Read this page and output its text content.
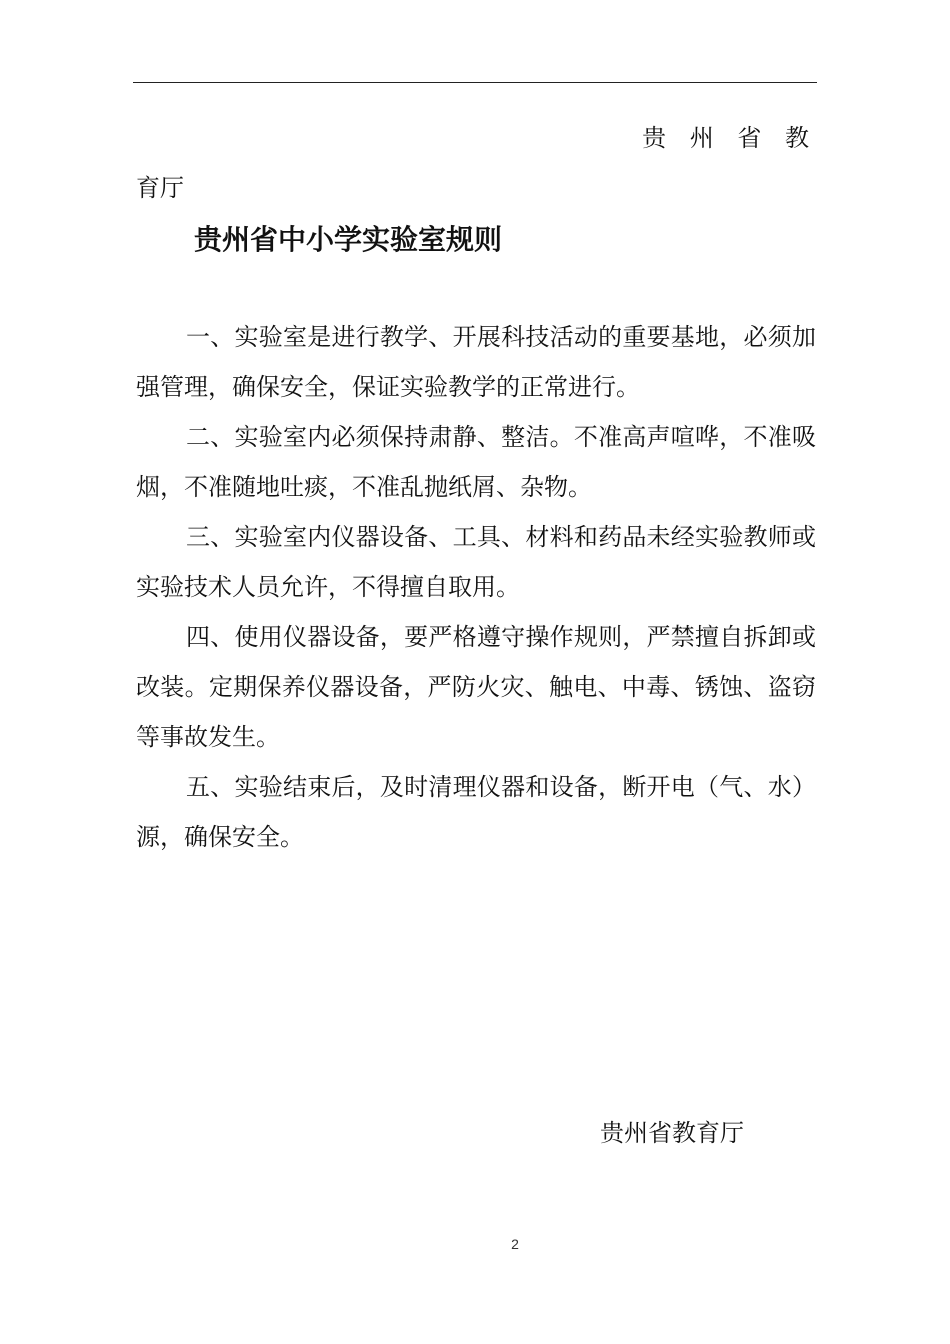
贵 州 省 教
育厅
贵州省中小学实验室规则

一、实验室是进行教学、开展科技活动的重要基地，必须加强管理，确保安全，保证实验教学的正常进行。

二、实验室内必须保持肃静、整洁。不准高声喧哗，不准吸烟，不准随地吐痰，不准乱抛纸屑、杂物。

三、实验室内仪器设备、工具、材料和药品未经实验教师或实验技术人员允许，不得擅自取用。

四、使用仪器设备，要严格遵守操作规则，严禁擅自拆卸或改装。定期保养仪器设备，严防火灾、触电、中毒、锈蚀、盗窃等事故发生。

五、实验结束后，及时清理仪器和设备，断开电（气、水）源，确保安全。

贵州省教育厅
2
